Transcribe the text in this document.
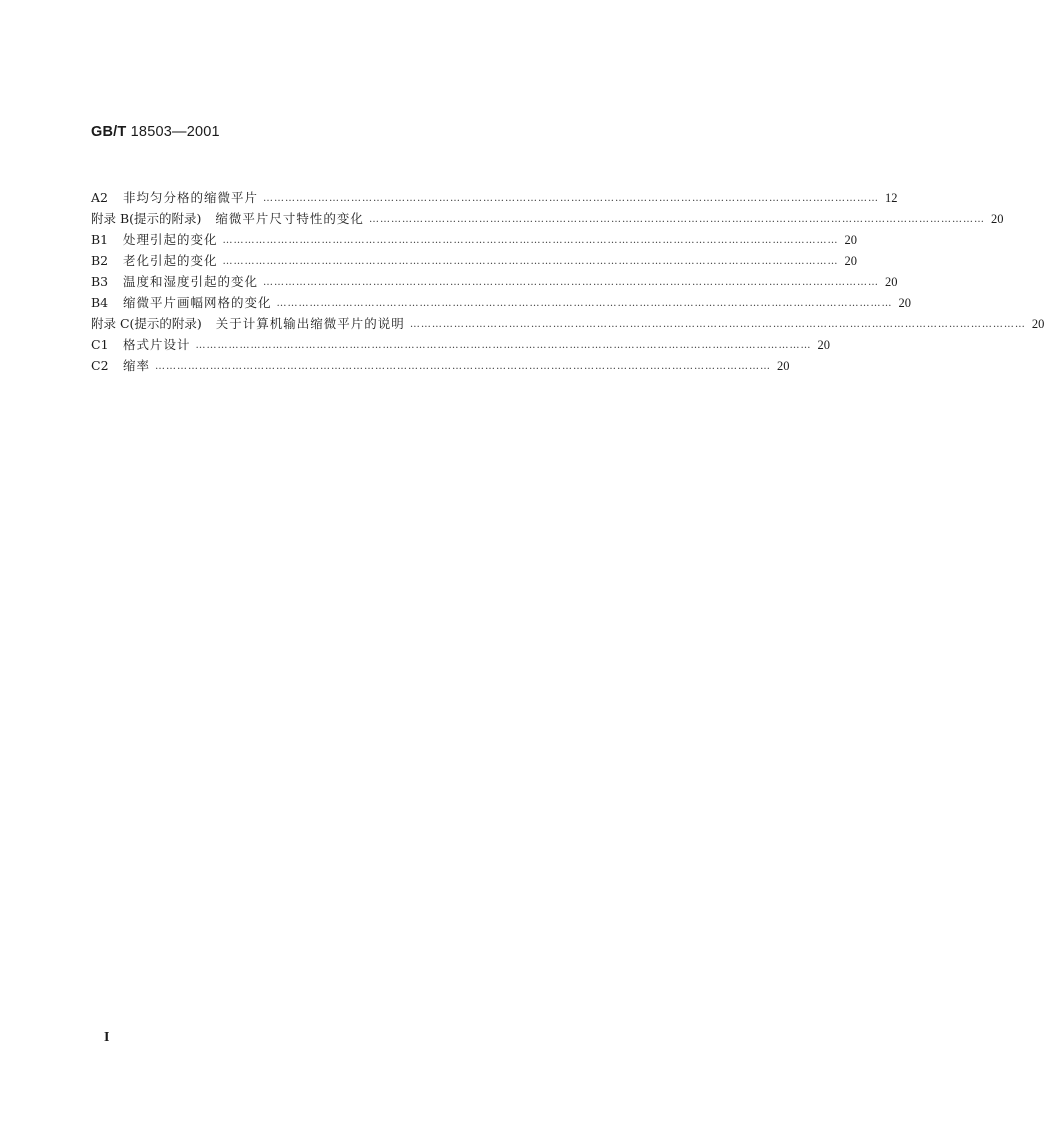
GB/T 18503—2001
A2	非均匀分格的缩微平片 …………………………………………………………………………………………………………………………………………………… 12
附录 B(提示的附录) 缩微平片尺寸特性的变化 …………………………………………………………………………………………………………………………………………………… 20
B1	处理引起的变化 …………………………………………………………………………………………………………………………………………………… 20
B2	老化引起的变化 …………………………………………………………………………………………………………………………………………………… 20
B3	温度和湿度引起的变化 …………………………………………………………………………………………………………………………………………………… 20
B4	缩微平片画幅网格的变化 …………………………………………………………………………………………………………………………………………………… 20
附录 C(提示的附录) 关于计算机输出缩微平片的说明 …………………………………………………………………………………………………………………………………………………… 20
C1	格式片设计 …………………………………………………………………………………………………………………………………………………… 20
C2	缩率 …………………………………………………………………………………………………………………………………………………… 20
I
